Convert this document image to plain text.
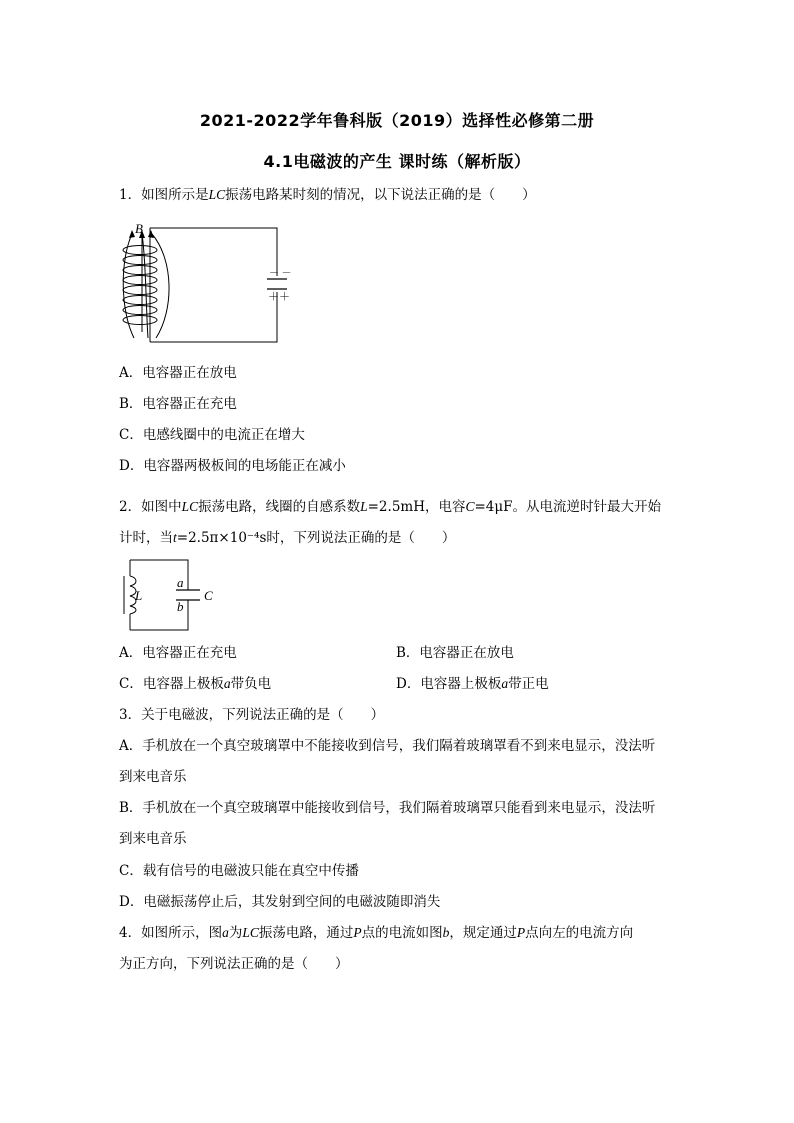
2021-2022学年鲁科版（2019）选择性必修第二册
4.1电磁波的产生 课时练（解析版）
1．如图所示是LC振荡电路某时刻的情况，以下说法正确的是（　　）
－ －
＋＋
B
A．电容器正在放电
B．电容器正在充电
C．电感线圈中的电流正在增大
D．电容器两极板间的电场能正在减小
2．如图中LC振荡电路，线圈的自感系数L=2.5mH，电容C=4μF。从电流逆时针最大开始
计时，当t=2.5π×10⁻⁴s时，下列说法正确的是（　　）
L
a
b
C
A．电容器正在充电	B．电容器正在放电
C．电容器上极板a带负电	D．电容器上极板a带正电
3．关于电磁波，下列说法正确的是（　　）
A．手机放在一个真空玻璃罩中不能接收到信号，我们隔着玻璃罩看不到来电显示，没法听
到来电音乐
B．手机放在一个真空玻璃罩中能接收到信号，我们隔着玻璃罩只能看到来电显示，没法听
到来电音乐
C．载有信号的电磁波只能在真空中传播
D．电磁振荡停止后，其发射到空间的电磁波随即消失
4．如图所示，图a为LC振荡电路，通过P点的电流如图b，规定通过P点向左的电流方向
为正方向，下列说法正确的是（　　）
